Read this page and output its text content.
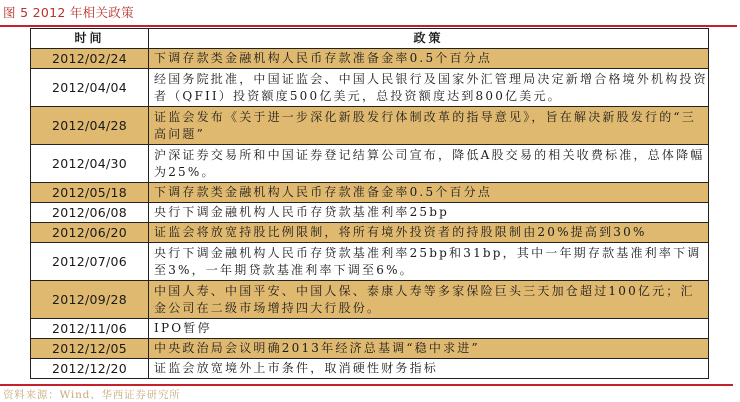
图 5 2012 年相关政策
时间	政策
2012/02/24	下调存款类金融机构人民币存款准备金率0.5个百分点
2012/04/04	经国务院批准，中国证监会、中国人民银行及国家外汇管理局决定新增合格境外机构投资者（QFII）投资额度500亿美元，总投资额度达到800亿美元。
2012/04/28	证监会发布《关于进一步深化新股发行体制改革的指导意见》，旨在解决新股发行的“三高问题”
2012/04/30	沪深证券交易所和中国证券登记结算公司宣布，降低A股交易的相关收费标准，总体降幅为25%。
2012/05/18	下调存款类金融机构人民币存款准备金率0.5个百分点
2012/06/08	央行下调金融机构人民币存贷款基准利率25bp
2012/06/20	证监会将放宽持股比例限制，将所有境外投资者的持股限制由20%提高到30%
2012/07/06	央行下调金融机构人民币存贷款基准利率25bp和31bp，其中一年期存款基准利率下调至3%，一年期贷款基准利率下调至6%。
2012/09/28	中国人寿、中国平安、中国人保、泰康人寿等多家保险巨头三天加仓超过100亿元；汇金公司在二级市场增持四大行股份。
2012/11/06	IPO暂停
2012/12/05	中央政治局会议明确2013年经济总基调“稳中求进”
2012/12/20	证监会放宽境外上市条件，取消硬性财务指标
资料来源：Wind、华西证券研究所
